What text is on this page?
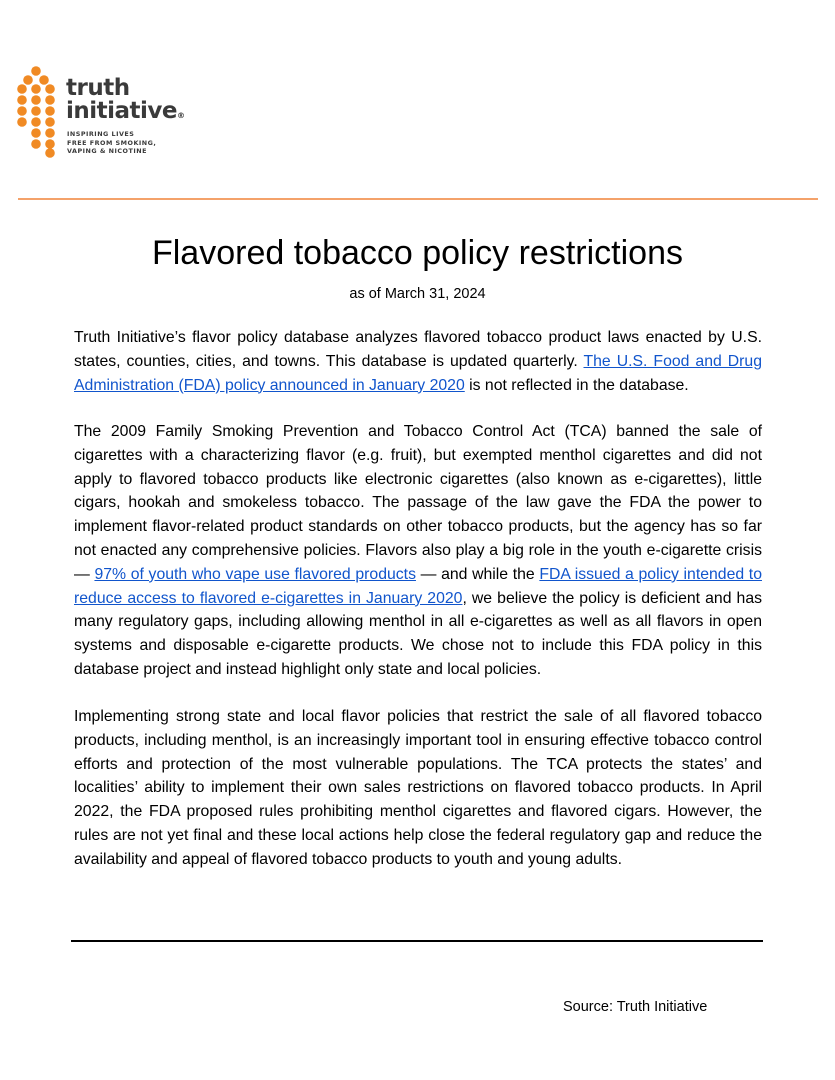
truth
initiative®
INSPIRING LIVES
FREE FROM SMOKING,
VAPING & NICOTINE
Flavored tobacco policy restrictions
as of March 31, 2024

Truth Initiative’s flavor policy database analyzes flavored tobacco product laws enacted by U.S. states, counties, cities, and towns. This database is updated quarterly. The U.S. Food and Drug Administration (FDA) policy announced in January 2020 is not reflected in the database.

The 2009 Family Smoking Prevention and Tobacco Control Act (TCA) banned the sale of cigarettes with a characterizing flavor (e.g. fruit), but exempted menthol cigarettes and did not apply to flavored tobacco products like electronic cigarettes (also known as e-cigarettes), little cigars, hookah and smokeless tobacco. The passage of the law gave the FDA the power to implement flavor-related product standards on other tobacco products, but the agency has so far not enacted any comprehensive policies. Flavors also play a big role in the youth e-cigarette crisis — 97% of youth who vape use flavored products — and while the FDA issued a policy intended to reduce access to flavored e-cigarettes in January 2020, we believe the policy is deficient and has many regulatory gaps, including allowing menthol in all e-cigarettes as well as all flavors in open systems and disposable e-cigarette products. We chose not to include this FDA policy in this database project and instead highlight only state and local policies.

Implementing strong state and local flavor policies that restrict the sale of all flavored tobacco products, including menthol, is an increasingly important tool in ensuring effective tobacco control efforts and protection of the most vulnerable populations. The TCA protects the states’ and localities’ ability to implement their own sales restrictions on flavored tobacco products. In April 2022, the FDA proposed rules prohibiting menthol cigarettes and flavored cigars. However, the rules are not yet final and these local actions help close the federal regulatory gap and reduce the availability and appeal of flavored tobacco products to youth and young adults.

Source: Truth Initiative
